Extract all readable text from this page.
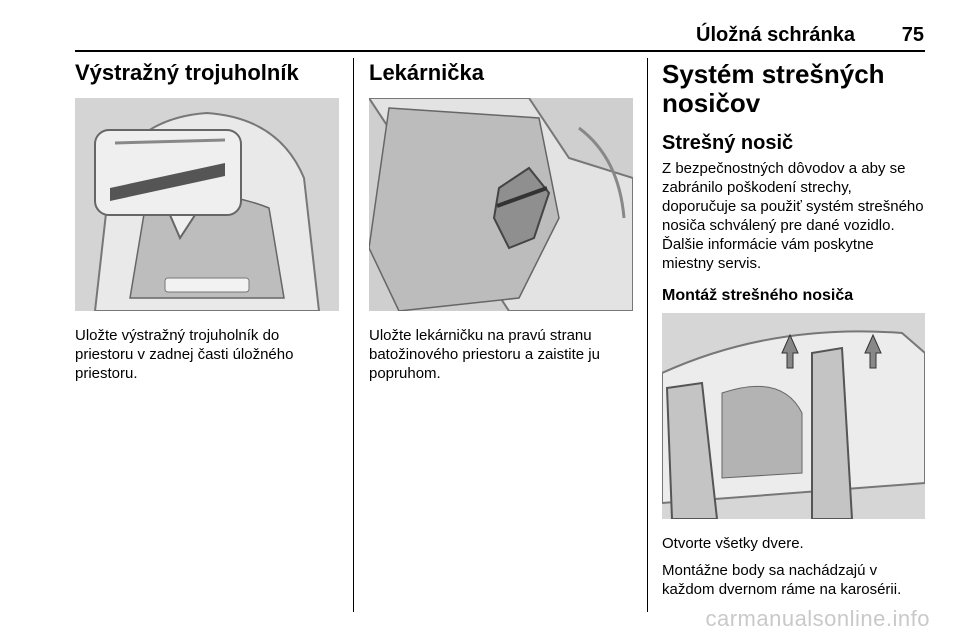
Úložná schránka 75
Výstražný trojuholník
Uložte výstražný trojuholník do priestoru v zadnej časti úložného priestoru.
Lekárnička
Uložte lekárničku na pravú stranu batožinového priestoru a zaistite ju popruhom.
Systém strešných nosičov
Strešný nosič

Z bezpečnostných dôvodov a aby se zabránilo poškodení strechy, doporučuje sa použiť systém strešného nosiča schválený pre dané vozidlo. Ďalšie informácie vám poskytne miestny servis.

Montáž strešného nosiča
Otvorte všetky dvere.
Montážne body sa nachádzajú v každom dvernom ráme na karosérii.
carmanualsonline.info
